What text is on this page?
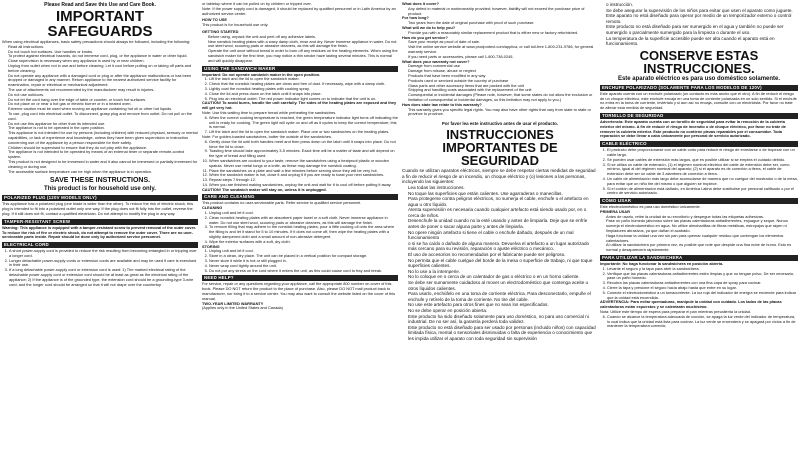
Please Read and Save this Use and Care Book.
IMPORTANT SAFEGUARDS

When using electrical appliances, basic safety precautions should always be followed, including the following:

• Read all instructions.
• Do not touch hot surfaces. Use handles or knobs.
• To protect against electrical hazards, do not immerse cord, plug, or the appliance in water or other liquid.
• Close supervision is necessary when any appliance is used by or near children.
• Unplug from outlet when not in use and before cleaning. Let it cool before putting on or taking off parts and before cleaning.
• Do not operate any appliance with a damaged cord or plug or after the appliance malfunctions or has been dropped or damaged in any manner. Return appliance to the nearest authorized service facility for examination, repair or electrical or mechanical adjustment.
• The use of attachments not recommended by the manufacturer may result in injuries.
• Do not use outdoors.
• Do not let the cord hang over the edge of table or counter, or touch hot surfaces.
• Do not place on or near a hot gas or electric burner or in a heated oven.
• Extreme caution must be used when moving an appliance containing hot oil or other hot liquids.
• To use, plug cord into electrical outlet. To disconnect, grasp plug and remove from outlet. Do not pull on the cord.
• Do not use this appliance for other than its intended use.
• The appliance is not to be operated in the open position.
• This appliance is not intended for use by persons (including children) with reduced physical, sensory or mental capabilities, or lack of experience and knowledge, unless they have been given supervision or instruction concerning use of the appliance by a person responsible for their safety.
• Children should be supervised to ensure that they do not play with the appliance.
• The appliance is not intended to be operated by means of an external timer or separate remote-control system.
• This product is not designed to be immersed in water and it also cannot be immersed or partially immersed for cleaning or during use.
• The accessible surface temperature can be high when the appliance is in operation.
SAVE THESE INSTRUCTIONS.
This product is for household use only.
POLARIZED PLUG (120V MODELS ONLY)

This appliance has a polarized plug (one blade is wider than the other). To reduce the risk of electric shock, this plug is intended to fit into a polarized outlet only one way. If the plug does not fit fully into the outlet, reverse the plug. If it still does not fit, contact a qualified electrician. Do not attempt to modify the plug in any way.

TAMPER-RESISTANT SCREW

Warning: This appliance is equipped with a tamper-resistant screw to prevent removal of the outer cover. To reduce the risk of fire or electric shock, do not attempt to remove the outer cover. There are no user-serviceable parts inside. Repair should be done only by authorized service personnel.

ELECTRICAL CORD
1. A short power-supply cord is provided to reduce the risk resulting from becoming entangled in or tripping over a longer cord.
2. Longer detachable power-supply cords or extension cords are available and may be used if care is exercised in their use.
3. If a long detachable power-supply cord or extension cord is used: 1) The marked electrical rating of the detachable power-supply cord or extension cord should be at least as great as the electrical rating of the appliance; 2) If the appliance is of the grounded type, the extension cord should be a grounding-type 3-wire cord; and the longer cord should be arranged so that it will not drape over the countertop

or tabletop where it can be pulled on by children or tripped over.

Note: If the power supply cord is damaged, it should be replaced by qualified personnel or in Latin America by an authorized service center.

HOW TO USE

This product is for household use only.

GETTING STARTED

• Before using, unpack the unit and peel off any adhesive labels.
• New nonstick heating plates with a waxy damp cloth, rinse and dry. Never immerse appliance in water. Do not use steel wool, scouring pads or abrasive cleaners, as this will damage the finish.
• Operate the unit once without bread in order to burn off any residues on the heating elements. When using the sandwich maker for the first time, you may notice a thin smoke haze lasting several minutes. This is normal and will quickly disappear.
USING THE SANDWICH MAKER

Important: Do not operate sandwich maker in the open position.

1. Lift the latch and the lid to open the sandwich maker.
2. Check that the nonstick heating plates are clean and free of dust. If necessary, wipe with a damp cloth.
3. Lightly coat the nonstick heating plates with cooking spray.
4. Close the lid and press down on the latch until it snaps into place.
5. Plug into an electrical outlet. The red power indicator light comes on to indicate that the unit is on.

CAUTION! To avoid burns, handle the unit carefully. The sides of the heating plates are exposed and they will get very hot.

Note: Use this waiting time to prepare bread while preheating the sandwiches.

6. When the correct cooking temperature is reached, the green temperature indicator light turns off indicating the unit is ready for cooking. The green light will cycle on and off as it cycles to keep the correct temperature; this is normal.
7. Lift the latch and the lid to open the sandwich maker. Place one or two sandwiches on the heating plates.

Note: For golden-toasted sandwiches, butter the outside of the sandwiches.

8. Gently close the lid until both handles meet and then press down on the latch until it snaps into place. Do not force the lid to close.
9. Toasting time should take approximately 3-5 minutes. Exact time will be a matter of taste and will depend on the type of bread and filling used.
10. When sandwiches are cooked to your taste, remove the sandwiches using a heatproof plastic or wooden spatula. Never use metal tongs or a knife, as these may damage the nonstick coating.
11. Place the sandwiches on a plate and wait a few minutes before serving since they will be very hot.
12. When the sandwich maker is hot, close it and unplug it if you are ready to toast your next sandwiches.
13. Repeat steps 7 through 12.
14. When you are finished making sandwiches, unplug the unit and wait for it to cool off before putting it away.

CAUTION! The sandwich maker will stay on, unless it is unplugged.

CARE AND CLEANING

This product contains no user-serviceable parts. Refer service to qualified service personnel.

CLEANING

1. Unplug unit and let it cool.
2. Clean nonstick heating plates with an absorbent paper towel or a soft cloth. Never immerse appliance in water. Do not use steel wool, scouring pads or abrasive cleaners, as this will damage the finish.
3. To remove filling that may adhere to the nonstick heating plates, pour a little cooking oil onto the area where the filling is and let it stand for 5 to 10 minutes. If it does not come off, then wipe the heating plates with a slightly dampened cloth and a small amount of non-abrasive detergent.
4. Wipe the exterior surfaces with a soft, dry cloth.

STORING

1. Unplug unit and let it cool.
2. Store in a clean, dry place. The unit can be placed in a vertical position for compact storage.
3. Never store it while it is hot or still plugged in.
4. Never wrap cord tightly around the unit.
5. Do not put any stress on the cord where it enters the unit, as this could cause cord to fray and break.
NEED HELP?

For service, repair or any questions regarding your appliance, call the appropriate 800 number on cover of this book. Please DO NOT return the product to the place of purchase. Also, please DO NOT mail product back to manufacturer, nor bring it to a service center. You may also want to consult the website listed on the cover of this manual.

TWO-YEAR LIMITED WARRANTY

(Applies only in the United States and Canada)

What does it cover?

• Any defect in material or workmanship provided; however, liability will not exceed the purchase price of product.

For how long?

• Two years from the date of original purchase with proof of such purchase.

What will we do to help you?

• Provide you with a reasonably similar replacement product that is either new or factory refurbished.

How do you get service?

• Save your receipt as proof of date of sale.
• Visit the online service website at www.prodprotect.com/applica, or call toll-free 1-800-231-9786, for general warranty service.
• If you need parts or accessories, please call 1-800-738-0245.

What does your warranty not cover?

• Damage from commercial use
• Damage from misuse, abuse or neglect
• Products that have been modified in any way
• Products used or serviced outside the country of purchase
• Glass parts and other accessory items that are packed with the unit
• Shipping and handling costs associated with the replacement of the unit
• Consequential or incidental damages (Please note, however, that some states do not allow the exclusion or limitation of consequential or incidental damages, so this limitation may not apply to you.)

How does state law relate to this warranty?

• This warranty gives you specific legal rights. You may also have other rights that vary from state to state or province to province.
Por favor lea este instructivo antes de usar el producto.
INSTRUCCIONES IMPORTANTES DE SEGURIDAD

Cuando se utilizan aparatos eléctricos, siempre se debe respetar ciertas medidas de seguridad a fin de reducir el riesgo de un incendio, un choque eléctrico y (o) lesiones a las personas, incluyendo las siguientes:

• Lea todas las instrucciones.
• No toque las superficies que están calientes. Use agarraderas o manecillas.
• Para protegerse contra peligros eléctricos, no sumerja el cable, enchufe o el artefacto en agua u otro líquido.
• Atenta supervisión es necesaria cuando cualquier artefacto está siendo usado por, en o cerca de niños.
• Desenchufe la unidad cuando no la esté usando y antes de limpiarla. Deje que se enfríe antes de poner o sacar alguna parte y antes de limpiarla.
• No opere ningún artefacto si tiene el cable o enchufe dañado, después de un mal funcionamiento
• o si se ha caído o dañado de alguna manera. Devuelva el artefacto a un lugar autorizado más cercano para su revisión, reparación o ajuste eléctrico o mecánico.
• El uso de accesorios no recomendados por el fabricante puede ser peligroso.
• No permita que el cable cuelgue del borde de la mesa o superficie de trabajo, ni que toque superficies calientes.
• No lo use a la intemperie.
• No lo coloque en o cerca de un calentador de gas o eléctrico o en un horno caliente.
• Se debe ser sumamente cuidadoso al mover un electrodoméstico que contenga aceite u otros líquidos calientes.
• Para usarlo, enchúfelo en una toma de corriente eléctrica. Para desconectarlo, empuñe el enchufe y retírelo de la toma de corriente. No tire del cable.
• No use este artefacto para otros fines que no sean los especificados.
• No se debe operar en posición abierta.
• Este producto ha sido diseñado solamente para uso doméstico, no para uso comercial ni industrial. De no ser así, la garantía perderá toda validez.
• Este producto no está diseñado para ser usado por personas (incluido niños) con capacidad limitada física, mental o sensoriales disminuidas o falta de experiencia o conocimiento que les impida utilizar el aparato con toda seguridad sin supervisión
o instrucción.
• Se debe asegurar la supervisión de los niños para evitar que usen el aparato como juguete.
• Este aparato no está diseñado para operar por medio de un temporizador externo o control remoto.
• Este producto no está diseñado para ser sumergido en el agua y también no puede ser sumergido o parcialmente sumergido para la limpieza o durante el uso.
• La temperatura de la superficie accesible puede ser alta cuando el aparato está en funcionamiento.
CONSERVE ESTAS INSTRUCCIONES.
Este aparato eléctrico es para uso doméstico solamente.
ENCHUFE POLARIZADO (SOLAMENTE PARA LOS MODELOS DE 120V)

Este aparato cuenta con un enchufe polarizado (un contacto es más ancho que el otro). A fin de reducir el riesgo de un choque eléctrico, este enchufe encaja en una toma de corriente polarizada en un solo sentido. Si el enchufe no entra en la toma de corriente, inviértalo y si aun así no encaja, consulte con un electricista. Por favor no trate de alterar esta medida de seguridad.

TORNILLO DE SEGURIDAD

Advertencia: Este aparato cuenta con un tornillo de seguridad para evitar la remoción de la cubierta exterior del mismo. A fin de reducir el riesgo de incendio o de choque eléctrico, por favor no trate de remover la cubierta exterior. Este producto no contiene piezas reparables por el consumidor. Toda reparación se debe llevar a cabo únicamente por personal de servicio autorizado.

CABLE ELÉCTRICO
1. El producto debe proporcionarse con un cable corto para reducir el riesgo de enredarse o de tropezar con un cable largo.
2. Se pueden usar cables de extensión más largos, que es posible utilizar si se emplea el cuidado debido.
3. Si se utiliza un cable de extensión, (1) el régimen nominal eléctrico del cable de extensión debe ser, como mínimo, igual al del régimen nominal del aparato; (2) si el aparato es de conexión a tierra, el cable de extensión debe ser un cable de 3 alambres de conexión a tierra.
4. Un cable de alimentación más largo debe acomodarse de manera que no cuelgue del mostrador o de la mesa, para evitar que un niño tire del mismo o que alguien se tropiece.
5. Si el cordón de alimentación está dañado, en América Latina debe sustituirse por personal calificado o por el centro de servicio autorizado.
CÓMO USAR

Este electrodoméstico es para uso doméstico únicamente.

PRIMERA USAR

• Antes de usarlo, retire la unidad de su envoltorio y despegue todas las etiquetas adhesivas.
• Pase un paño húmedo jabonoso sobre las placas calentadoras antiadherentes, enjuague y seque. Nunca sumerja el electrodoméstico en agua. No utilice almohadillas de fibras metálicas, estropajos que rayen ni limpiadores abrasivos, ya que dañan el acabado.
• Haga funcionar la unidad una vez sin pan para quemar cualquier residuo que contengan los elementos calentadores.
• Al utilizar la sandwichera por primera vez, es posible que note que despide una fina nube de humo. Esto es normal y desaparecerá rápidamente.
PARA UTILIZAR LA SANDWICHERA

Importante: No haga funcionar la sandwichera en posición abierta.

1. Levante el seguro y la tapa para abrir la sandwichera.
2. Verifique que las placas calentadoras antiadherentes estén limpias y que no tengan polvo. De ser necesario, pase un paño húmedo.
3. Recubra las placas calentadoras antiadherentes con una fina capa de spray para cocinar.
4. Cierre la tapa y presione el seguro hacia abajo hasta que entre en su lugar.
5. Conecte el electrodoméstico a un tomacorriente. La luz roja del indicador de energía se enciende para indicar que la unidad está encendida.

ADVERTENCIA: Para evitar quemaduras, manipule la unidad con cuidado. Los lados de las placas calentadoras están expuestos y se calentarán muchísimo.

Nota: Utilice este tiempo de espera para preparar el pan mientras precalienta la unidad.

6. Cuando se alcance la temperatura adecuada de cocción, se apaga la luz verde del indicador de temperatura, lo cual indica que la unidad está lista para cocinar. La luz verde se encenderá y se apagará por ciclos a fin de mantener la temperatura correcta;
